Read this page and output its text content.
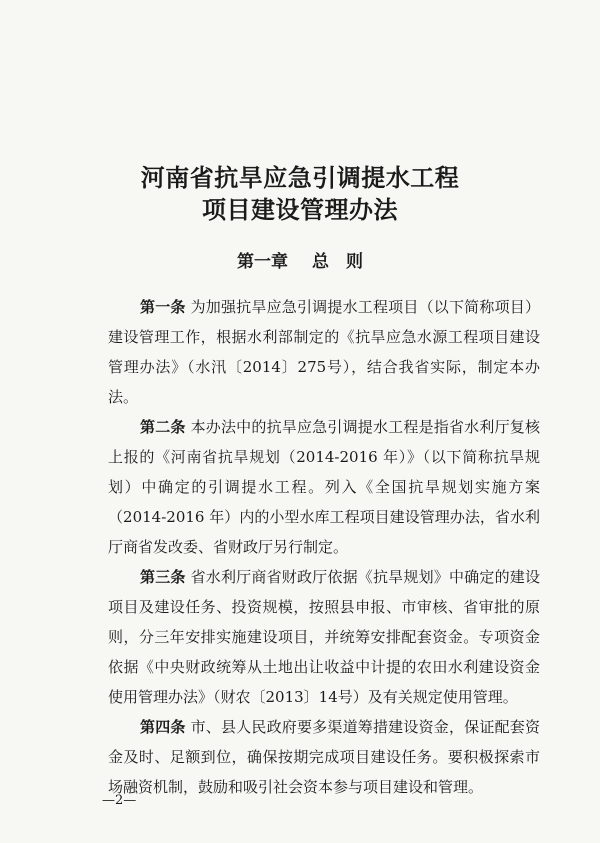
河南省抗旱应急引调提水工程
项目建设管理办法
第一章 总　则

第一条 为加强抗旱应急引调提水工程项目（以下简称项目）建设管理工作，根据水利部制定的《抗旱应急水源工程项目建设管理办法》（水汛〔2014〕275号），结合我省实际，制定本办法。

第二条 本办法中的抗旱应急引调提水工程是指省水利厅复核上报的《河南省抗旱规划（2014-2016 年）》（以下简称抗旱规划）中确定的引调提水工程。列入《全国抗旱规划实施方案（2014-2016 年）内的小型水库工程项目建设管理办法，省水利厅商省发改委、省财政厅另行制定。

第三条 省水利厅商省财政厅依据《抗旱规划》中确定的建设项目及建设任务、投资规模，按照县申报、市审核、省审批的原则，分三年安排实施建设项目，并统筹安排配套资金。专项资金依据《中央财政统筹从土地出让收益中计提的农田水利建设资金使用管理办法》（财农〔2013〕14号）及有关规定使用管理。

第四条 市、县人民政府要多渠道筹措建设资金，保证配套资金及时、足额到位，确保按期完成项目建设任务。要积极探索市场融资机制，鼓励和吸引社会资本参与项目建设和管理。

—2—
